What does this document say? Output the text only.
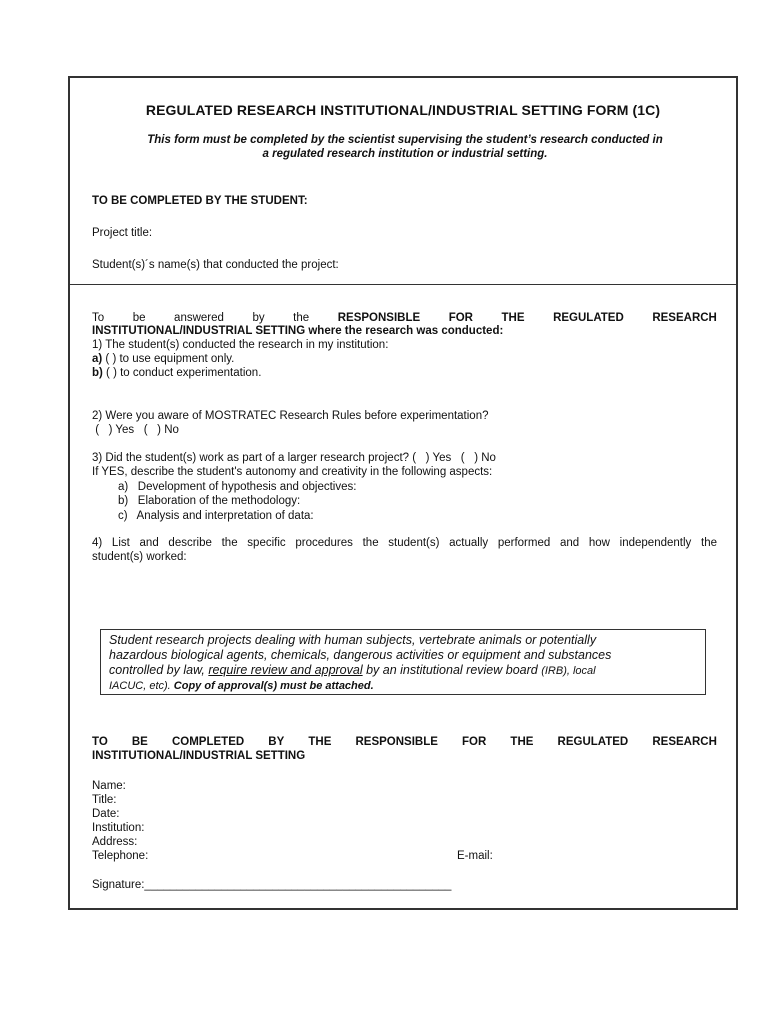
REGULATED RESEARCH INSTITUTIONAL/INDUSTRIAL SETTING FORM (1C)
This form must be completed by the scientist supervising the student’s research conducted in
a regulated research institution or industrial setting.
TO BE COMPLETED BY THE STUDENT:
Project title:
Student(s)´s name(s) that conducted the project:
To be answered by the RESPONSIBLE FOR THE REGULATED RESEARCH
INSTITUTIONAL/INDUSTRIAL SETTING where the research was conducted:
1) The student(s) conducted the research in my institution:
a) ( ) to use equipment only.
b) ( ) to conduct experimentation.
2) Were you aware of MOSTRATEC Research Rules before experimentation?
(   ) Yes   (   ) No
3) Did the student(s) work as part of a larger research project? (   ) Yes   (   ) No
If YES, describe the student's autonomy and creativity in the following aspects:
a)   Development of hypothesis and objectives:
b)   Elaboration of the methodology:
c)   Analysis and interpretation of data:
4) List and describe the specific procedures the student(s) actually performed and how independently the
student(s) worked:
Student research projects dealing with human subjects, vertebrate animals or potentially
hazardous biological agents, chemicals, dangerous activities or equipment and substances
controlled by law, require review and approval by an institutional review board (IRB), local
IACUC, etc). Copy of approval(s) must be attached.
TO BE COMPLETED BY THE RESPONSIBLE FOR THE REGULATED RESEARCH
INSTITUTIONAL/INDUSTRIAL SETTING
Name:
Title:
Date:
Institution:
Address:
Telephone:	E-mail:
Signature:________________________________________________
